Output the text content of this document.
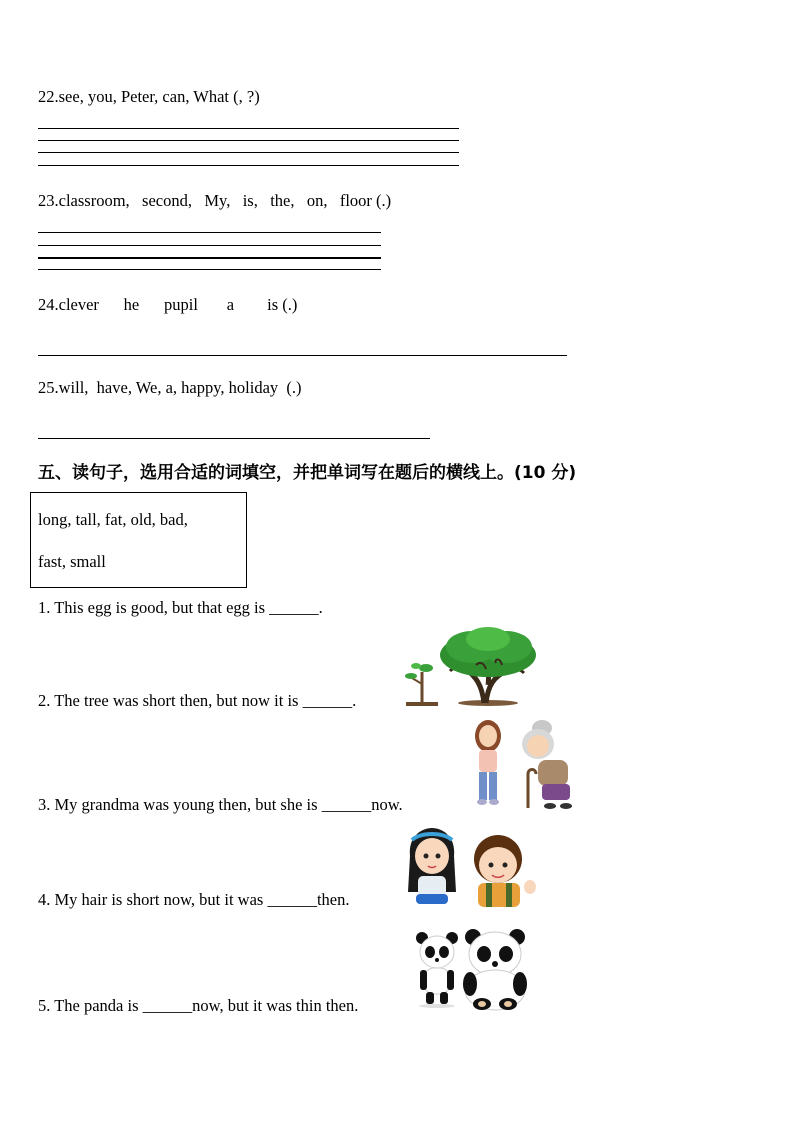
22.see, you, Peter, can, What (, ?)
23.classroom,   second,   My,   is,   the,   on,   floor (.)
24.clever      he      pupil       a        is (.)
25.will,  have, We, a, happy, holiday  (.)
五、读句子，选用合适的词填空，并把单词写在题后的横线上。(10 分)
long, tall, fat, old, bad,
fast, small
1. This egg is good, but that egg is ______.
2. The tree was short then, but now it is ______.
3. My grandma was young then, but she is ______now.
4. My hair is short now, but it was ______then.
5. The panda is ______now, but it was thin then.
